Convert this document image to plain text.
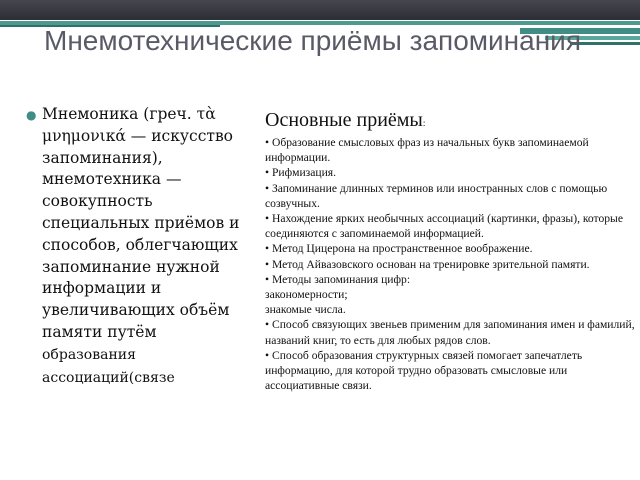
Мнемотехнические приёмы запоминания
● Мнемоника (греч. τὰ μνημονικά — искусство запоминания), мнемотехника — совокупность специальных приёмов и способов, облегчающих запоминание нужной информации и увеличивающих объём памяти путём образования ассоциаций(связе

Основные приёмы:

• Образование смысловых фраз из начальных букв запоминаемой информации.

• Рифмизация.

• Запоминание длинных терминов или иностранных слов с помощью созвучных.

• Нахождение ярких необычных ассоциаций (картинки, фразы), которые соединяются с запоминаемой информацией.

• Метод Цицерона на пространственное воображение.

• Метод Айвазовского основан на тренировке зрительной памяти.

• Методы запоминания цифр:

закономерности;

знакомые числа.

• Способ связующих звеньев применим для запоминания имен и фамилий, названий книг, то есть для любых рядов слов.

• Способ образования структурных связей помогает запечатлеть информацию, для которой трудно образовать смысловые или ассоциативные связи.
